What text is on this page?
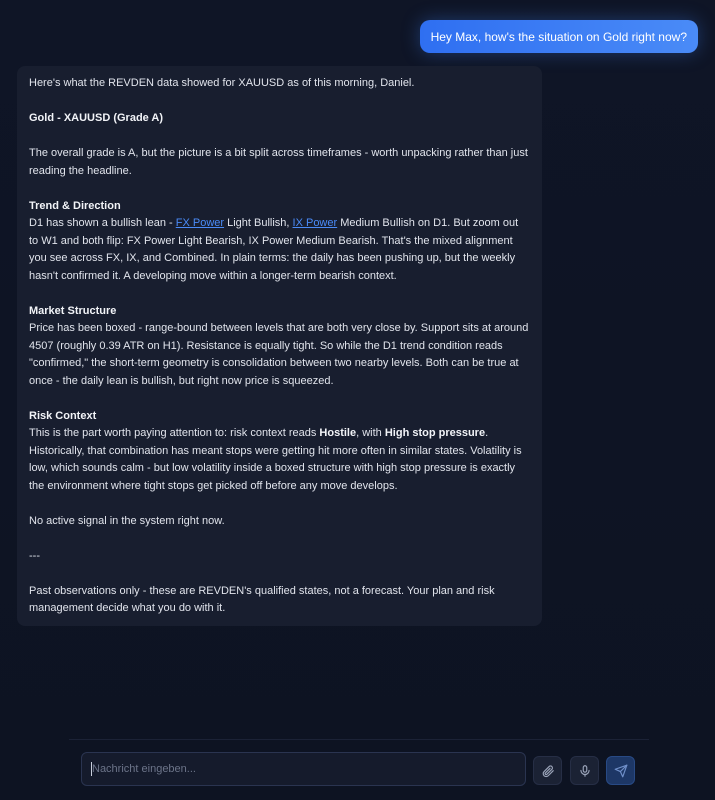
Hey Max, how's the situation on Gold right now?

Here's what the REVDEN data showed for XAUUSD as of this morning, Daniel.

Gold - XAUUSD (Grade A)

The overall grade is A, but the picture is a bit split across timeframes - worth unpacking rather than just reading the headline.

Trend & Direction
D1 has shown a bullish lean - FX Power Light Bullish, IX Power Medium Bullish on D1. But zoom out to W1 and both flip: FX Power Light Bearish, IX Power Medium Bearish. That's the mixed alignment you see across FX, IX, and Combined. In plain terms: the daily has been pushing up, but the weekly hasn't confirmed it. A developing move within a longer-term bearish context.

Market Structure
Price has been boxed - range-bound between levels that are both very close by. Support sits at around 4507 (roughly 0.39 ATR on H1). Resistance is equally tight. So while the D1 trend condition reads "confirmed," the short-term geometry is consolidation between two nearby levels. Both can be true at once - the daily lean is bullish, but right now price is squeezed.

Risk Context
This is the part worth paying attention to: risk context reads Hostile, with High stop pressure. Historically, that combination has meant stops were getting hit more often in similar states. Volatility is low, which sounds calm - but low volatility inside a boxed structure with high stop pressure is exactly the environment where tight stops get picked off before any move develops.

No active signal in the system right now.

---

Past observations only - these are REVDEN's qualified states, not a forecast. Your plan and risk management decide what you do with it.

Nachricht eingeben...
